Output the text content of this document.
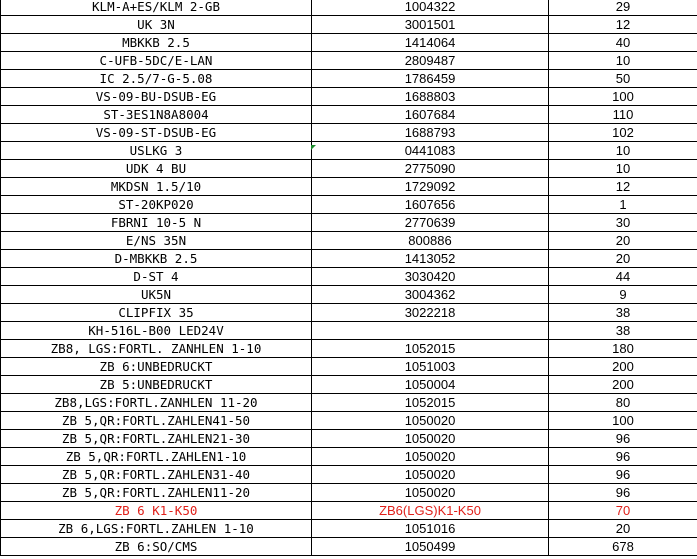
KLM-A+ES/KLM 2-GB	1004322	29
UK 3N	3001501	12
MBKKB 2.5	1414064	40
C-UFB-5DC/E-LAN	2809487	10
IC 2.5/7-G-5.08	1786459	50
VS-09-BU-DSUB-EG	1688803	100
ST-3ES1N8A8004	1607684	110
VS-09-ST-DSUB-EG	1688793	102
USLKG 3	0441083	10
UDK 4 BU	2775090	10
MKDSN 1.5/10	1729092	12
ST-20KP020	1607656	1
FBRNI 10-5 N	2770639	30
E/NS 35N	800886	20
D-MBKKB 2.5	1413052	20
D-ST 4	3030420	44
UK5N	3004362	9
CLIPFIX 35	3022218	38
KH-516L-B00 LED24V		38
ZB8, LGS:FORTL. ZANHLEN 1-10	1052015	180
ZB 6:UNBEDRUCKT	1051003	200
ZB 5:UNBEDRUCKT	1050004	200
ZB8,LGS:FORTL.ZANHLEN 11-20	1052015	80
ZB 5,QR:FORTL.ZAHLEN41-50	1050020	100
ZB 5,QR:FORTL.ZAHLEN21-30	1050020	96
ZB 5,QR:FORTL.ZAHLEN1-10	1050020	96
ZB 5,QR:FORTL.ZAHLEN31-40	1050020	96
ZB 5,QR:FORTL.ZAHLEN11-20	1050020	96
ZB 6 K1-K50	ZB6(LGS)K1-K50	70
ZB 6,LGS:FORTL.ZAHLEN 1-10	1051016	20
ZB 6:SO/CMS	1050499	678
